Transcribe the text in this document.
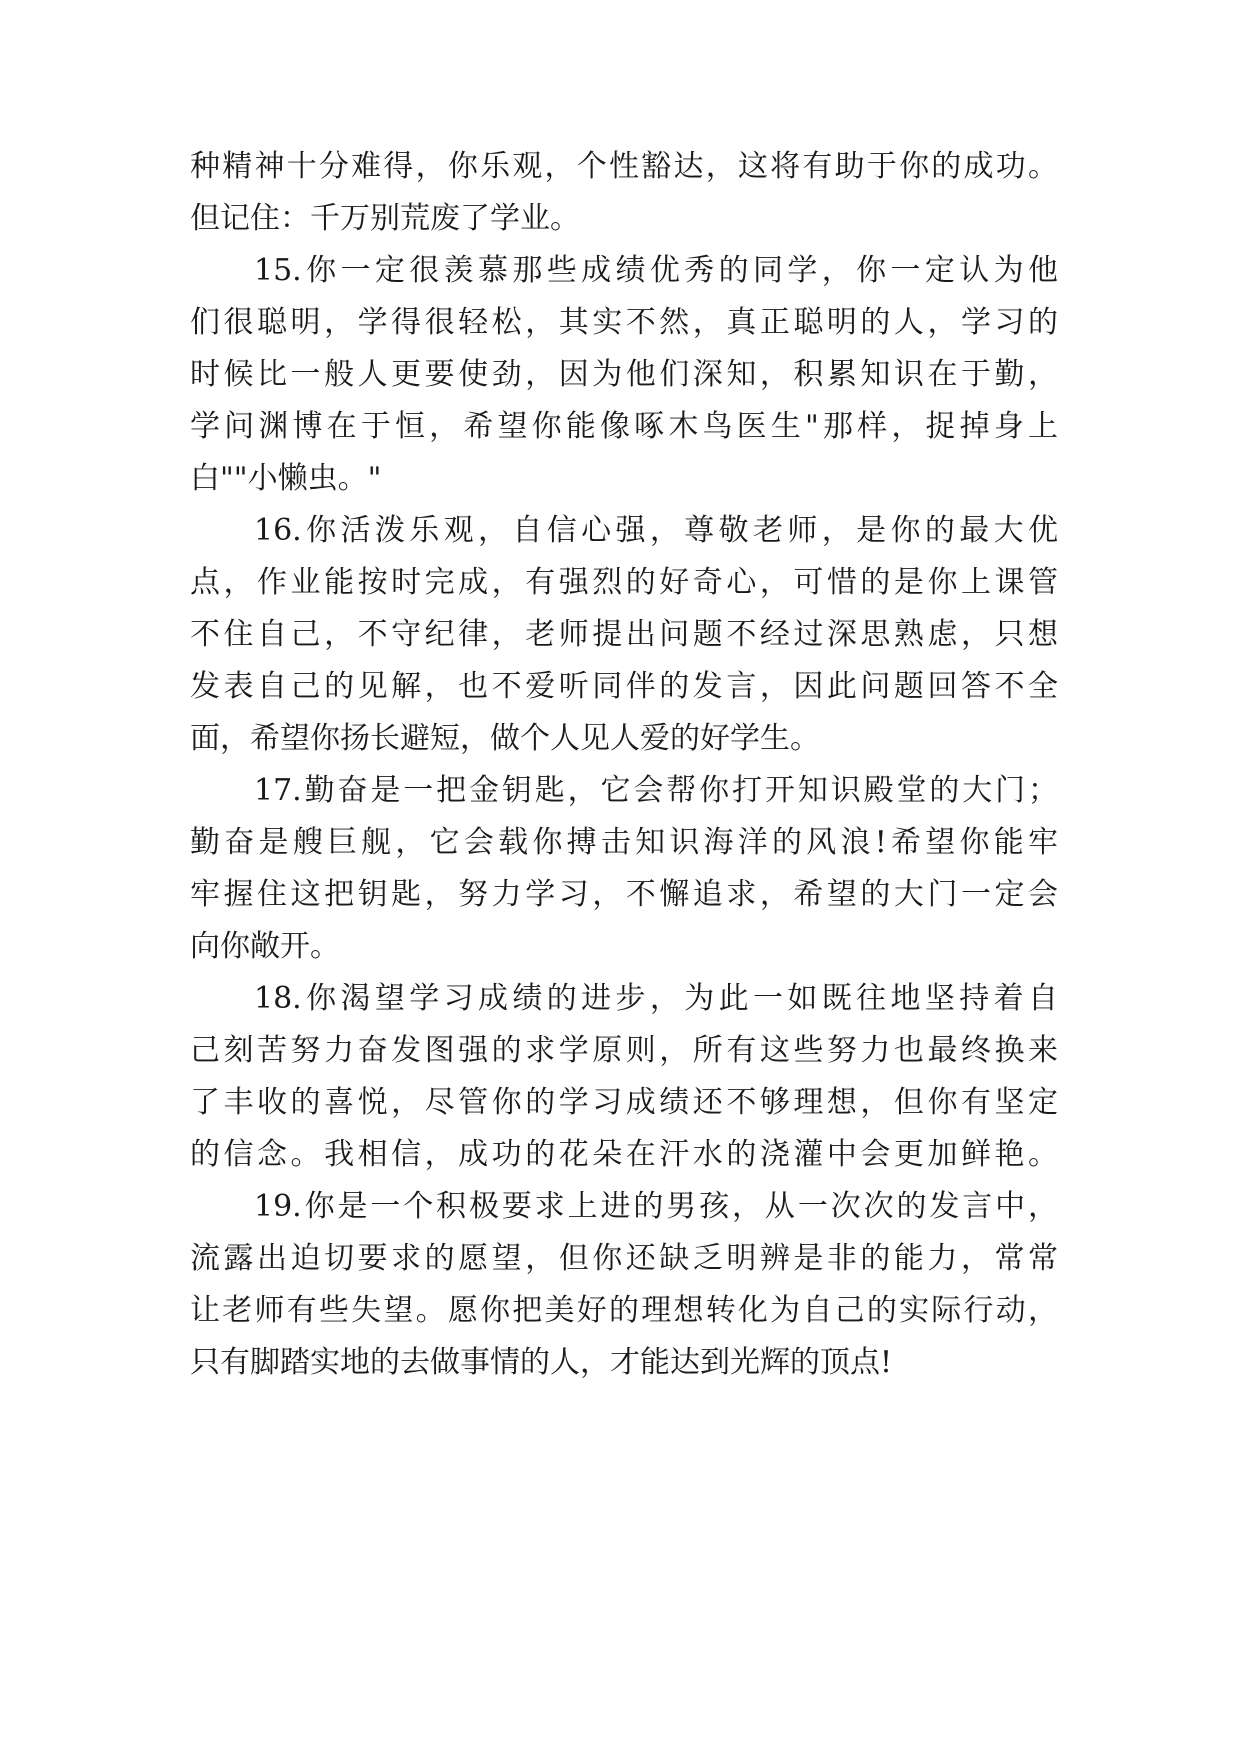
种精神十分难得，你乐观，个性豁达，这将有助于你的成功。
但记住：千万别荒废了学业。
15.你一定很羡慕那些成绩优秀的同学，你一定认为他
们很聪明，学得很轻松，其实不然，真正聪明的人，学习的
时候比一般人更要使劲，因为他们深知，积累知识在于勤，
学问渊博在于恒，希望你能像啄木鸟医生"那样，捉掉身上
白""小懒虫。"
16.你活泼乐观，自信心强，尊敬老师，是你的最大优
点，作业能按时完成，有强烈的好奇心，可惜的是你上课管
不住自己，不守纪律，老师提出问题不经过深思熟虑，只想
发表自己的见解，也不爱听同伴的发言，因此问题回答不全
面，希望你扬长避短，做个人见人爱的好学生。
17.勤奋是一把金钥匙，它会帮你打开知识殿堂的大门；
勤奋是艘巨舰，它会载你搏击知识海洋的风浪!希望你能牢
牢握住这把钥匙，努力学习，不懈追求，希望的大门一定会
向你敞开。
18.你渴望学习成绩的进步，为此一如既往地坚持着自
己刻苦努力奋发图强的求学原则，所有这些努力也最终换来
了丰收的喜悦，尽管你的学习成绩还不够理想，但你有坚定
的信念。我相信，成功的花朵在汗水的浇灌中会更加鲜艳。
19.你是一个积极要求上进的男孩，从一次次的发言中，
流露出迫切要求的愿望，但你还缺乏明辨是非的能力，常常
让老师有些失望。愿你把美好的理想转化为自己的实际行动，
只有脚踏实地的去做事情的人，才能达到光辉的顶点!
